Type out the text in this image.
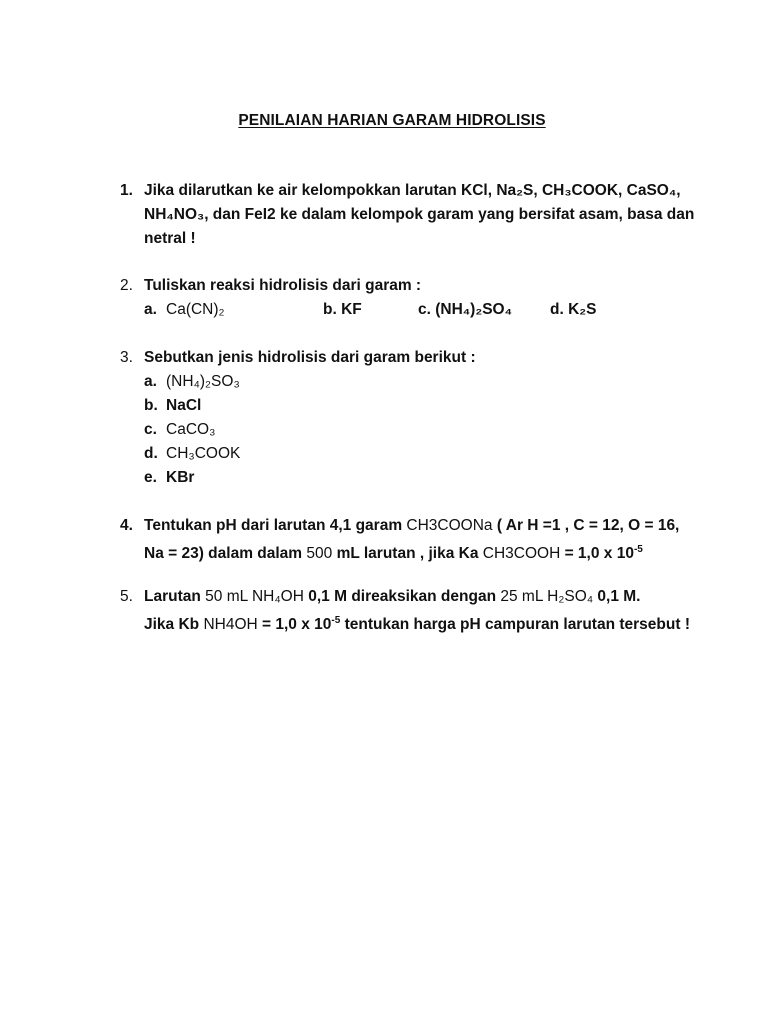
PENILAIAN HARIAN GARAM HIDROLISIS
1. Jika dilarutkan ke air kelompokkan larutan KCl, Na₂S, CH₃COOK, CaSO₄,
NH₄NO₃, dan FeI2 ke dalam kelompok garam yang bersifat asam, basa dan
netral !
2. Tuliskan reaksi hidrolisis dari garam :
a. Ca(CN)₂	b. KF	c. (NH₄)₂SO₄ d. K₂S
3. Sebutkan jenis hidrolisis dari garam berikut :
a. (NH₄)₂SO₃
b. NaCl
c. CaCO₃
d. CH₃COOK
e. KBr
4. Tentukan pH dari larutan 4,1 garam CH3COONa ( Ar H =1 , C = 12, O = 16,
Na = 23) dalam dalam 500 mL larutan , jika Ka CH3COOH = 1,0 x $10^{-5}$
5. Larutan 50 mL NH₄OH 0,1 M direaksikan dengan 25 mL H₂SO₄ 0,1 M.
Jika Kb NH4OH = 1,0 x $10^{-5}$ tentukan harga pH campuran larutan tersebut !
